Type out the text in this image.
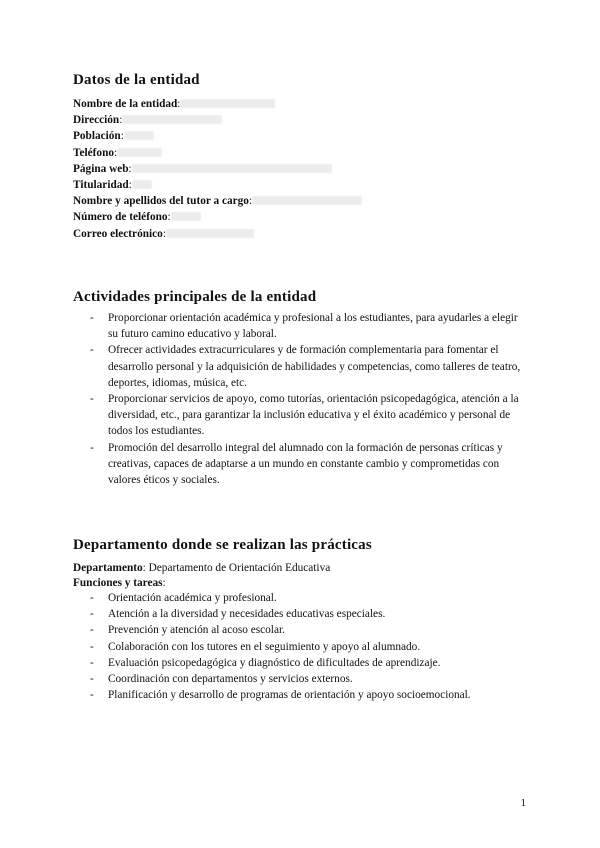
Datos de la entidad
Nombre de la entidad:
Dirección:
Población:
Teléfono:
Página web:
Titularidad:
Nombre y apellidos del tutor a cargo:
Número de teléfono:
Correo electrónico:
Actividades principales de la entidad
- Proporcionar orientación académica y profesional a los estudiantes, para ayudarles a elegir su futuro camino educativo y laboral.
- Ofrecer actividades extracurriculares y de formación complementaria para fomentar el desarrollo personal y la adquisición de habilidades y competencias, como talleres de teatro, deportes, idiomas, música, etc.
- Proporcionar servicios de apoyo, como tutorías, orientación psicopedagógica, atención a la diversidad, etc., para garantizar la inclusión educativa y el éxito académico y personal de todos los estudiantes.
- Promoción del desarrollo integral del alumnado con la formación de personas críticas y creativas, capaces de adaptarse a un mundo en constante cambio y comprometidas con valores éticos y sociales.
Departamento donde se realizan las prácticas
Departamento: Departamento de Orientación Educativa
Funciones y tareas:
- Orientación académica y profesional.
- Atención a la diversidad y necesidades educativas especiales.
- Prevención y atención al acoso escolar.
- Colaboración con los tutores en el seguimiento y apoyo al alumnado.
- Evaluación psicopedagógica y diagnóstico de dificultades de aprendizaje.
- Coordinación con departamentos y servicios externos.
- Planificación y desarrollo de programas de orientación y apoyo socioemocional.
1
